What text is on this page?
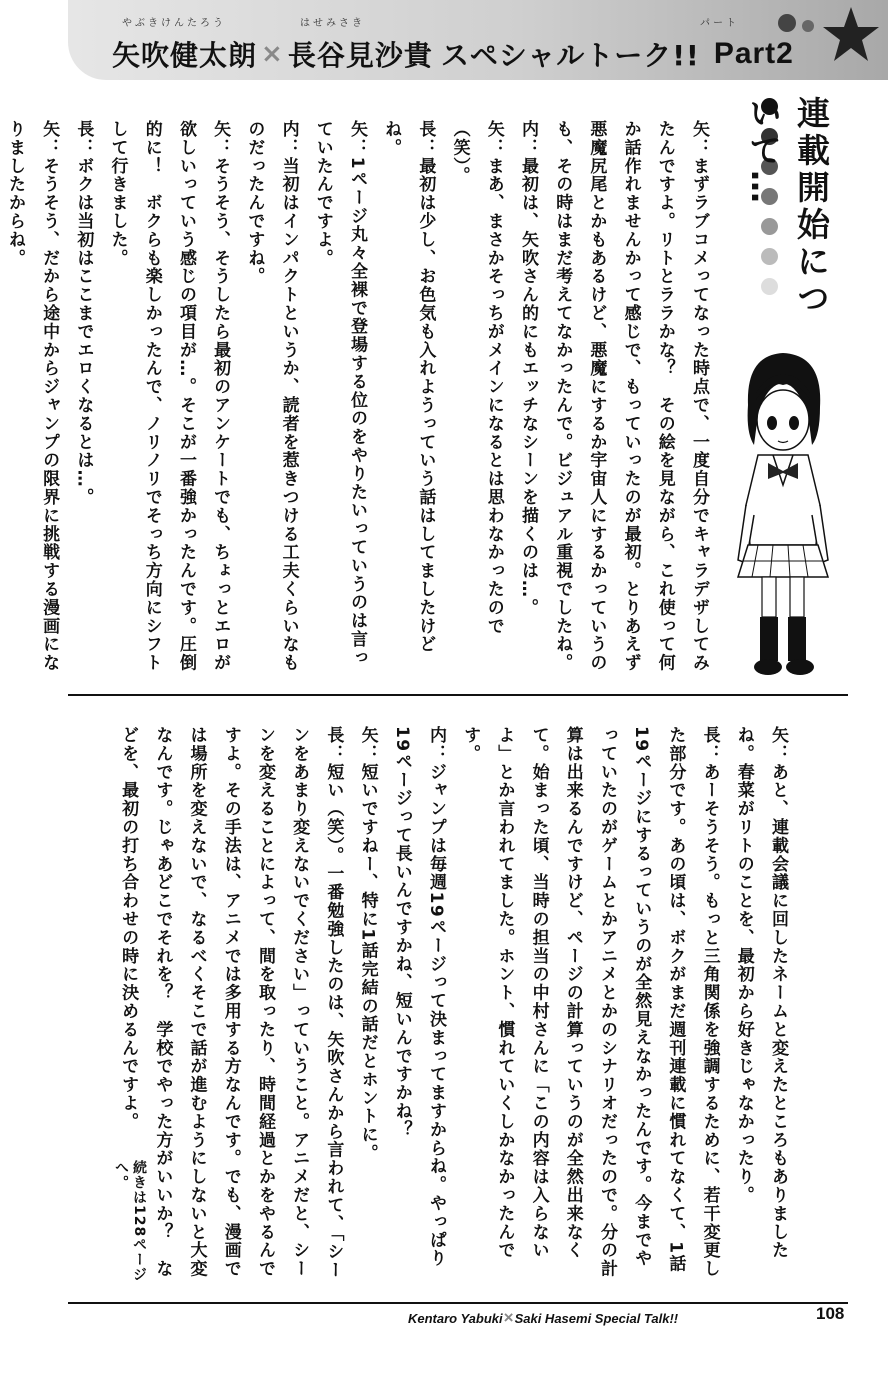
やぶきけんたろう	はせみさき	パート
矢吹健太朗 × 長谷見沙貴 スペシャルトーク!! Part2
連載開始について…

矢：まずラブコメってなった時点で、一度自分でキャラデザしてみたんですよ。リトとララかな？　その絵を見ながら、これ使って何か話作れませんかって感じで、もっていったのが最初。とりあえず悪魔尻尾とかもあるけど、悪魔にするか宇宙人にするかっていうのも、その時はまだ考えてなかったんで。ビジュアル重視でしたね。

内：最初は、矢吹さん的にもエッチなシーンを描くのは…。

矢：まあ、まさかそっちがメインになるとは思わなかったので（笑）。

長：最初は少し、お色気も入れようっていう話はしてましたけどね。

矢：1ページ丸々全裸で登場する位のをやりたいっていうのは言っていたんですよ。

内：当初はインパクトというか、読者を惹きつける工夫くらいなものだったんですね。

矢：そうそう、そうしたら最初のアンケートでも、ちょっとエロが欲しいっていう感じの項目が…。そこが一番強かったんです。圧倒的に！　ボクらも楽しかったんで、ノリノリでそっち方向にシフトして行きました。

長：ボクは当初はここまでエロくなるとは…。

矢：そうそう、だから途中からジャンプの限界に挑戦する漫画になりましたからね。

矢：あと、連載会議に回したネームと変えたところもありましたね。春菜がリトのことを、最初から好きじゃなかったり。

長：あーそうそう。もっと三角関係を強調するために、若干変更した部分です。あの頃は、ボクがまだ週刊連載に慣れてなくて、1話19ページにするっていうのが全然見えなかったんです。今までやっていたのがゲームとかアニメとかのシナリオだったので。分の計算は出来るんですけど、ページの計算っていうのが全然出来なくて。始まった頃、当時の担当の中村さんに「この内容は入らないよ」とか言われてました。ホント、慣れていくしかなかったんです。

内：ジャンプは毎週19ページって決まってますからね。やっぱり19ページって長いんですかね、短いんですかね？

矢：短いですねー、特に1話完結の話だとホントに。

長：短い（笑）。一番勉強したのは、矢吹さんから言われて、「シーンをあまり変えないでください」っていうこと。アニメだと、シーンを変えることによって、間を取ったり、時間経過とかをやるんですよ。その手法は、アニメでは多用する方なんです。でも、漫画では場所を変えないで、なるべくそこで話が進むようにしないと大変なんです。じゃあどこでそれを？　学校でやった方がいいか？　などを、最初の打ち合わせの時に決めるんですよ。

続きは128ページへ。
Kentaro Yabuki×Saki Hasemi Special Talk!!	108
